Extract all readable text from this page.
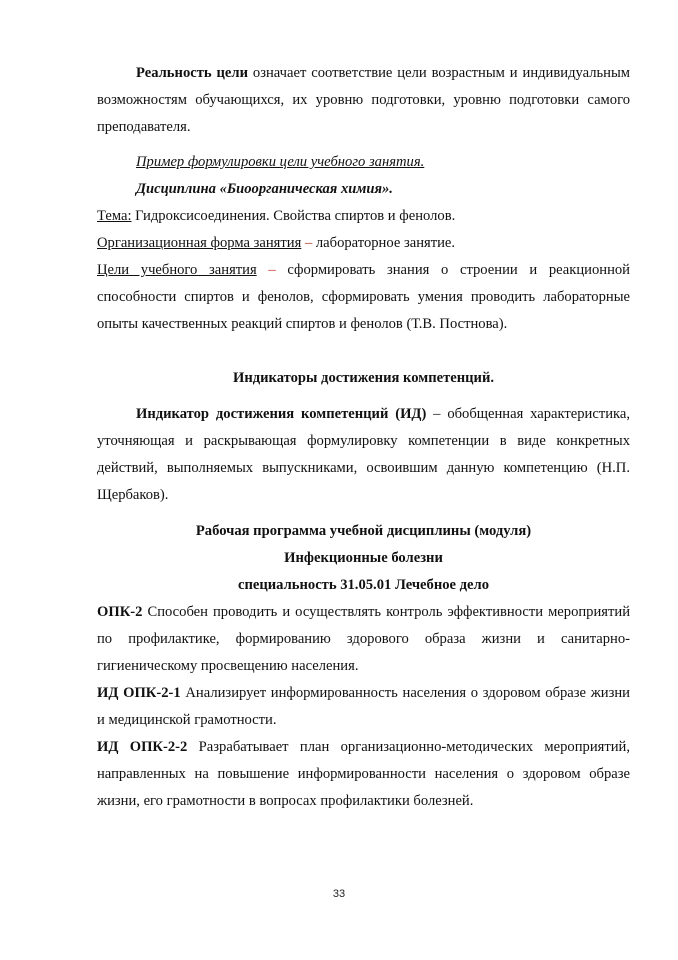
Реальность цели означает соответствие цели возрастным и индивидуальным возможностям обучающихся, их уровню подготовки, уровню подготовки самого преподавателя.

Пример формулировки цели учебного занятия.

Дисциплина «Биоорганическая химия».

Тема: Гидроксисоединения. Свойства спиртов и фенолов.

Организационная форма занятия – лабораторное занятие.

Цели учебного занятия – сформировать знания о строении и реакционной способности спиртов и фенолов, сформировать умения проводить лабораторные опыты качественных реакций спиртов и фенолов (Т.В. Постнова).

Индикаторы достижения компетенций.

Индикатор достижения компетенций (ИД) – обобщенная характеристика, уточняющая и раскрывающая формулировку компетенции в виде конкретных действий, выполняемых выпускниками, освоившим данную компетенцию (Н.П. Щербаков).

Рабочая программа учебной дисциплины (модуля)

Инфекционные болезни

специальность 31.05.01 Лечебное дело

ОПК-2 Способен проводить и осуществлять контроль эффективности мероприятий по профилактике, формированию здорового образа жизни и санитарно-гигиеническому просвещению населения.

ИД ОПК-2-1 Анализирует информированность населения о здоровом образе жизни и медицинской грамотности.

ИД ОПК-2-2 Разрабатывает план организационно-методических мероприятий, направленных на повышение информированности населения о здоровом образе жизни, его грамотности в вопросах профилактики болезней.

33
